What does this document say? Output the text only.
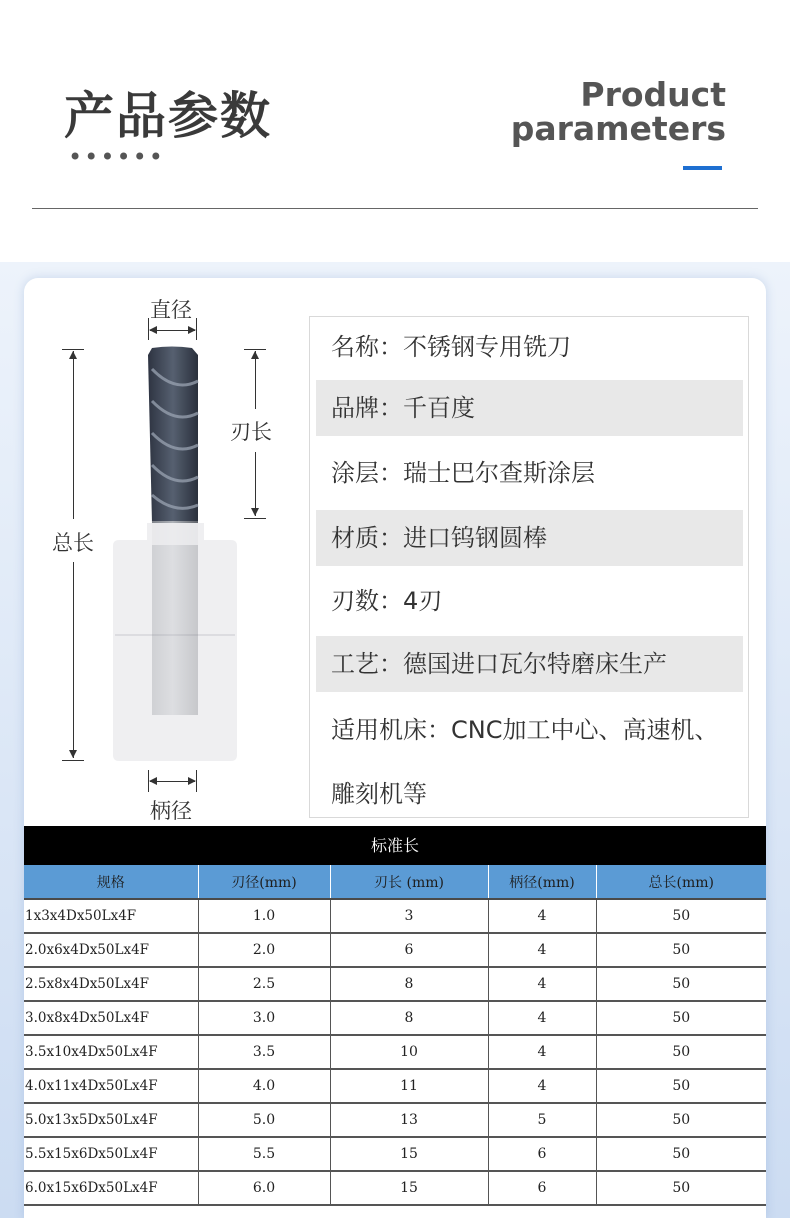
产品参数
••••••
Product
parameters
直径
刃长
总长
柄径
名称：不锈钢专用铣刀
品牌：千百度
涂层：瑞士巴尔查斯涂层
材质：进口钨钢圆棒
刃数：4刃
工艺：德国进口瓦尔特磨床生产
适用机床：CNC加工中心、高速机、
雕刻机等
标准长
规格	刃径(mm)	刃长 (mm)	柄径(mm)	总长(mm)
1x3x4Dx50Lx4F	1.0	3	4	50
2.0x6x4Dx50Lx4F	2.0	6	4	50
2.5x8x4Dx50Lx4F	2.5	8	4	50
3.0x8x4Dx50Lx4F	3.0	8	4	50
3.5x10x4Dx50Lx4F	3.5	10	4	50
4.0x11x4Dx50Lx4F	4.0	11	4	50
5.0x13x5Dx50Lx4F	5.0	13	5	50
5.5x15x6Dx50Lx4F	5.5	15	6	50
6.0x15x6Dx50Lx4F	6.0	15	6	50
